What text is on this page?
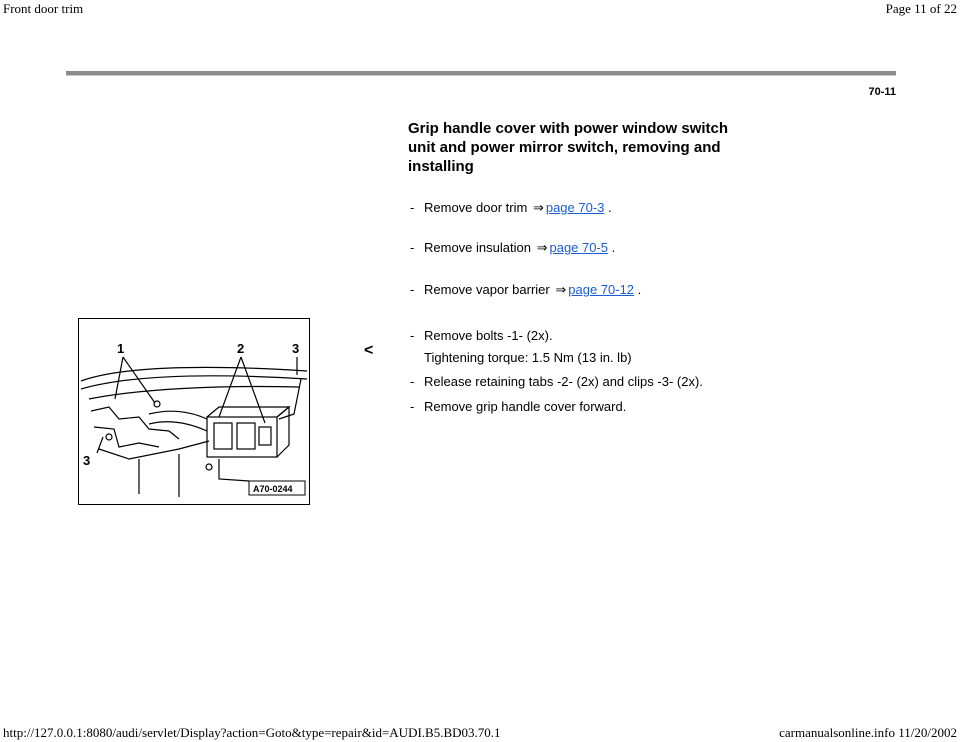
Front door trim	Page 11 of 22
70-11
Grip handle cover with power window switch unit and power mirror switch, removing and installing
- Remove door trim ⇒ page 70-3 .
- Remove insulation ⇒ page 70-5 .
- Remove vapor barrier ⇒ page 70-12 .
1	2	3
3
A70-0244
<
- Remove bolts -1- (2x).
Tightening torque: 1.5 Nm (13 in. lb)
- Release retaining tabs -2- (2x) and clips -3- (2x).
- Remove grip handle cover forward.
http://127.0.0.1:8080/audi/servlet/Display?action=Goto&type=repair&id=AUDI.B5.BD03.70.1	carmanualsonline.info 11/20/2002
